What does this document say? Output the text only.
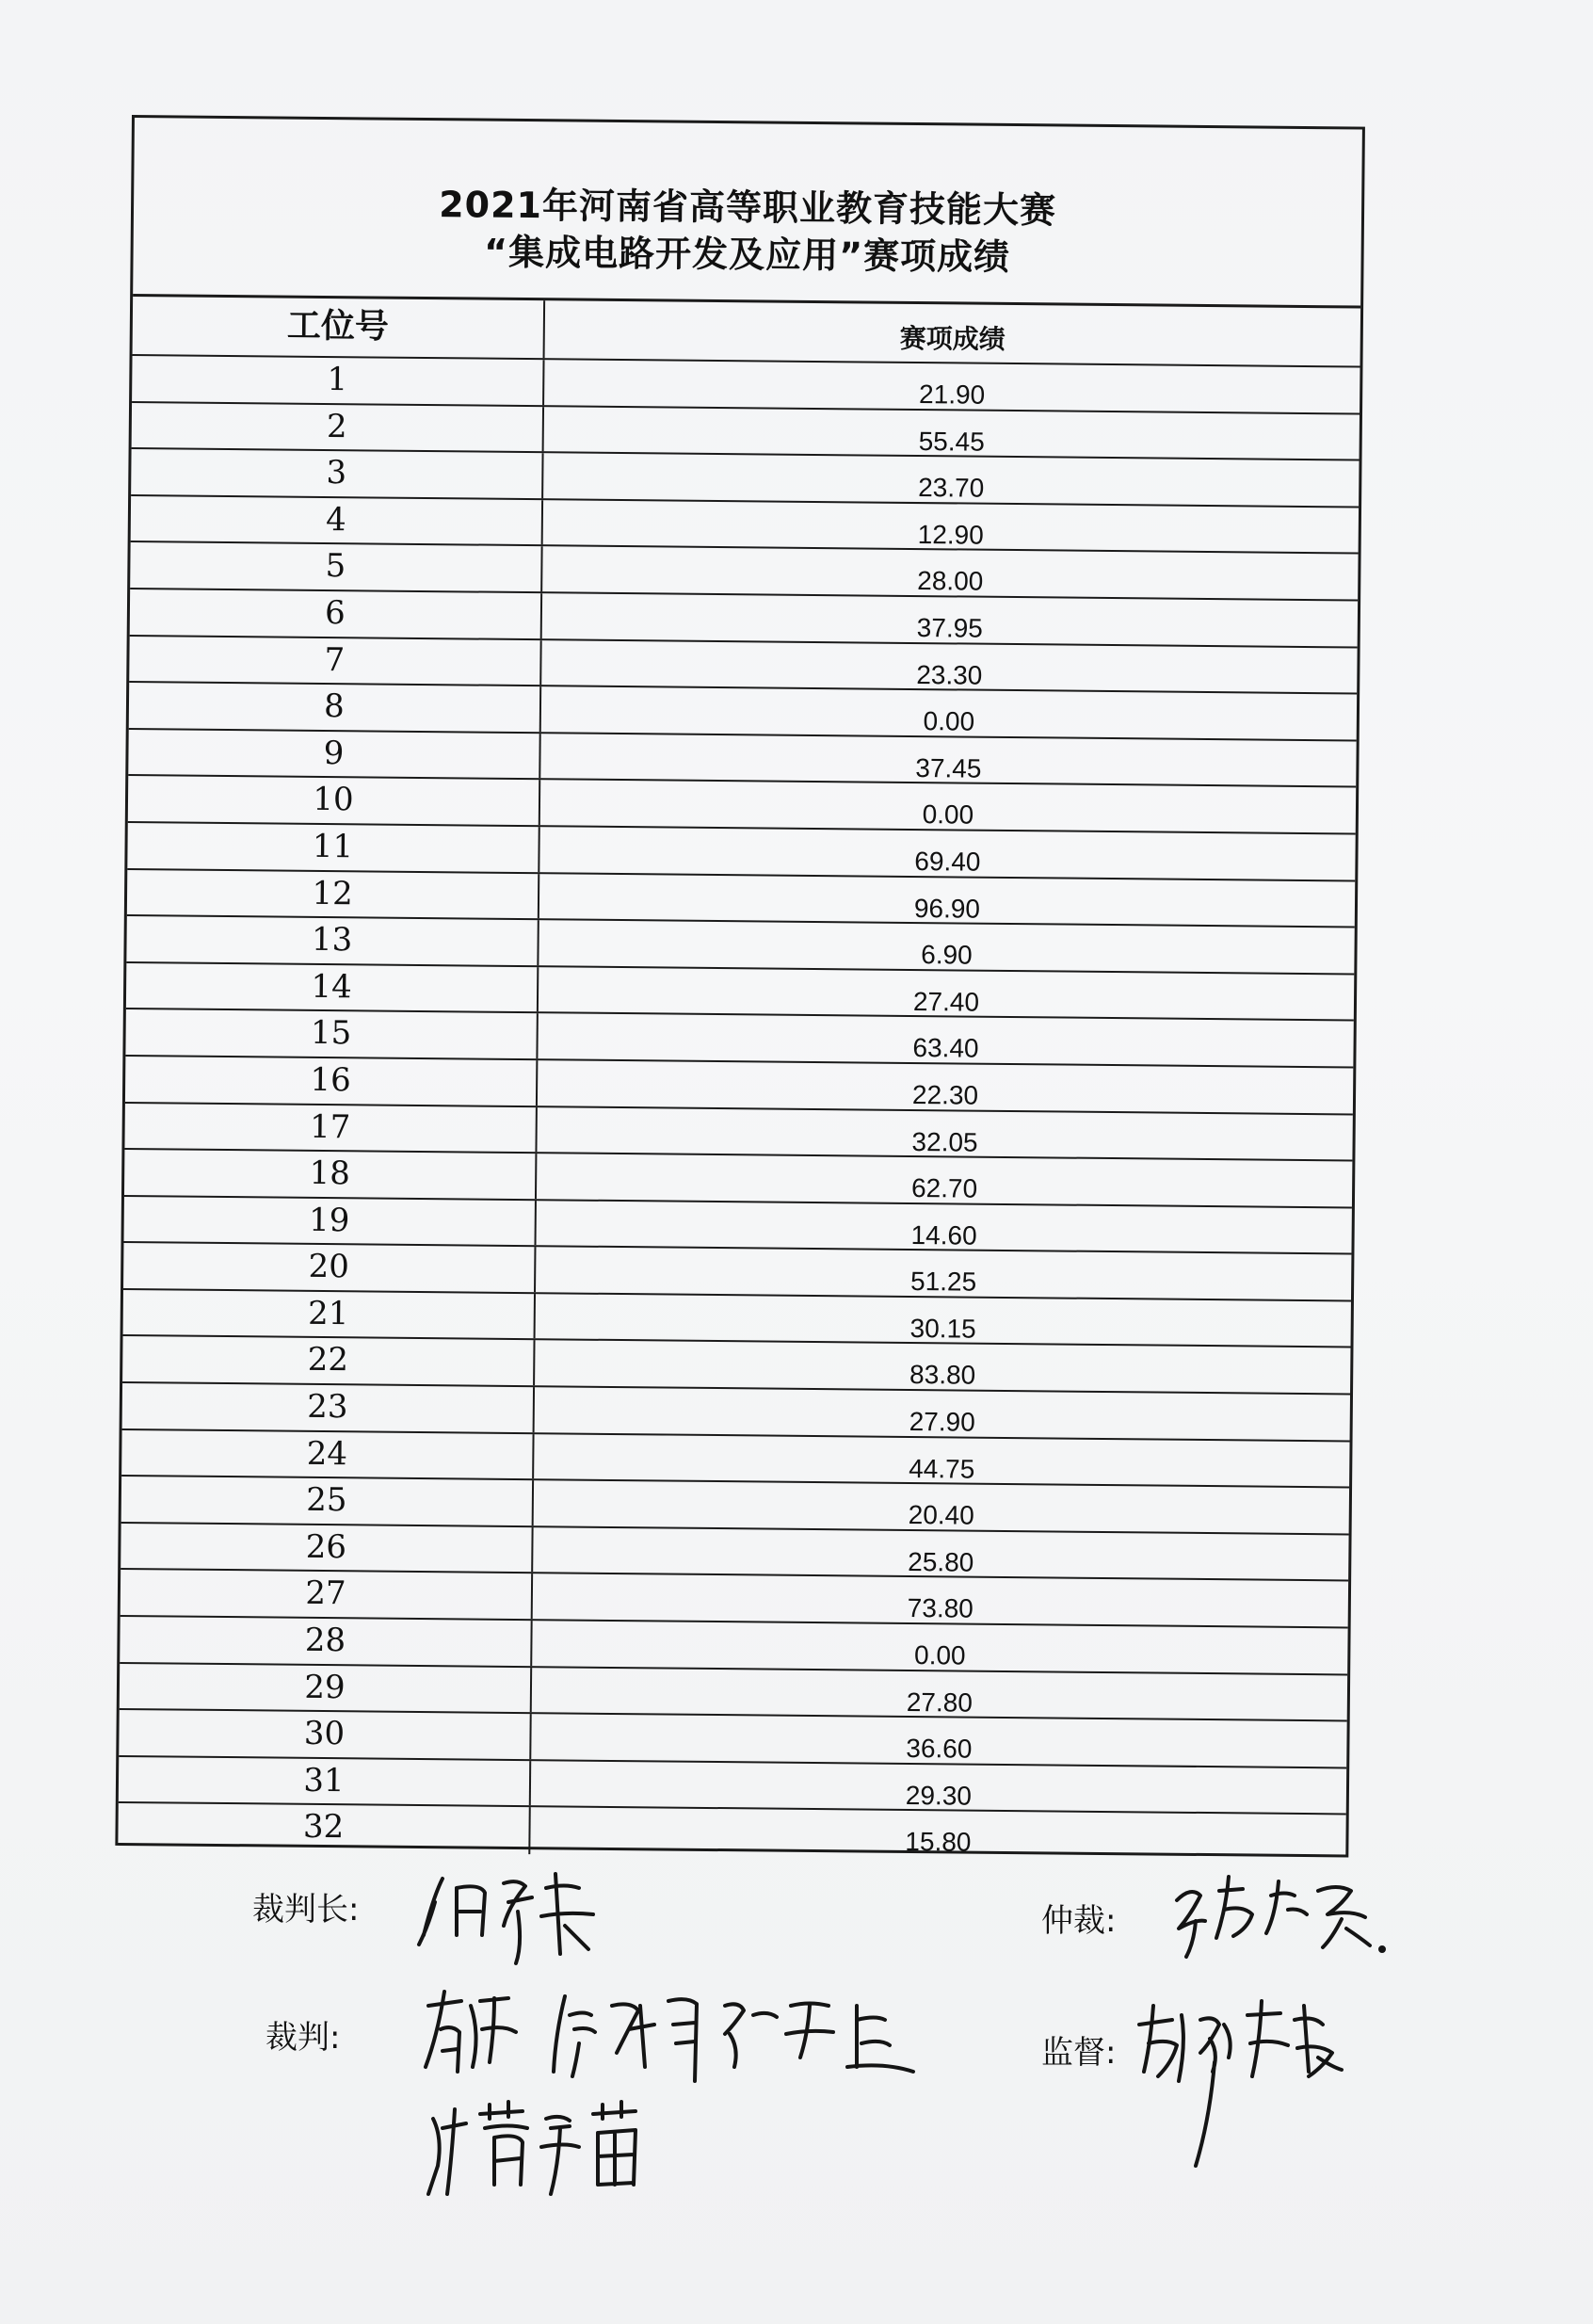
2021年河南省高等职业教育技能大赛
“集成电路开发及应用”赛项成绩
工位号	赛项成绩
1	21.90
2	55.45
3	23.70
4	12.90
5	28.00
6	37.95
7	23.30
8	0.00
9	37.45
10	0.00
11	69.40
12	96.90
13	6.90
14	27.40
15	63.40
16	22.30
17	32.05
18	62.70
19	14.60
20	51.25
21	30.15
22	83.80
23	27.90
24	44.75
25	20.40
26	25.80
27	73.80
28	0.00
29	27.80
30	36.60
31	29.30
32	15.80
裁判长:	仲裁:
裁判:	监督:
